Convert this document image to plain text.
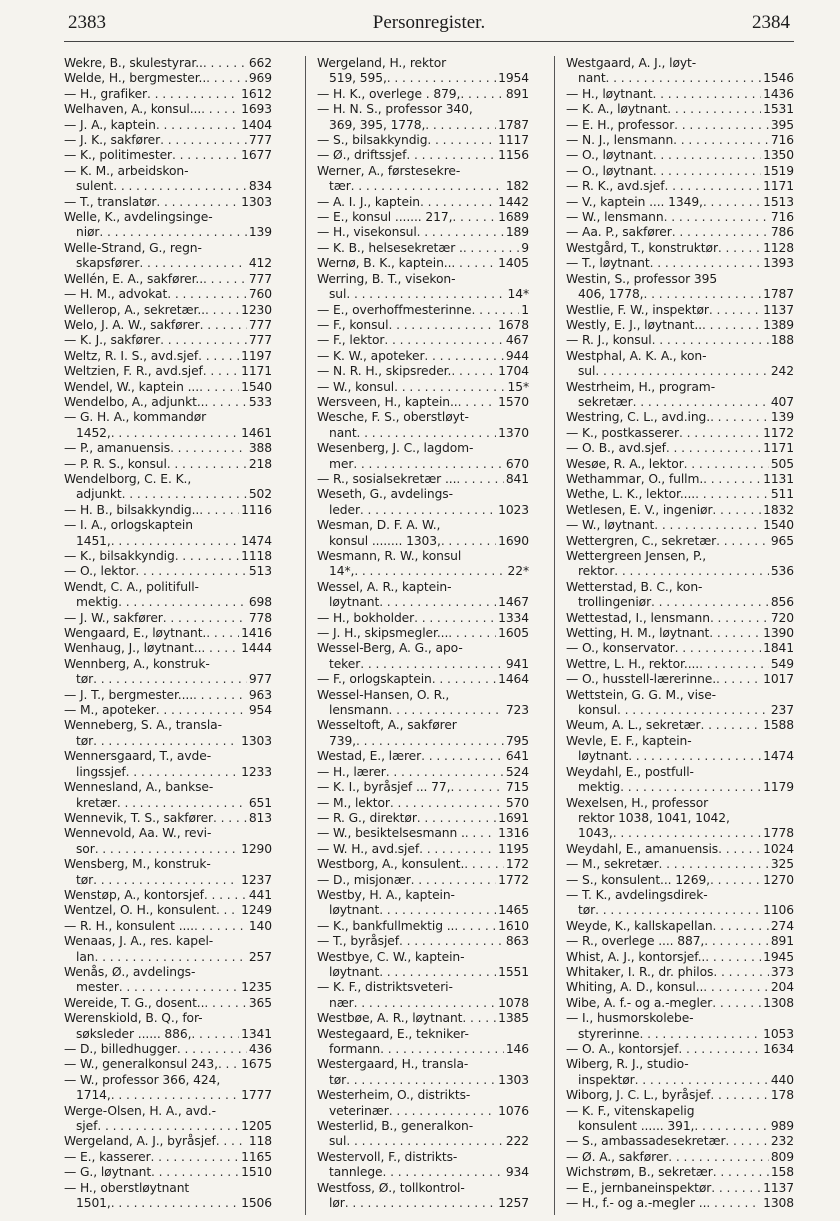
2383	Personregister.	2384
Wekre, B., skulestyrar.. . . .	662
Welde, H., bergmester.. . . .	969
— H., grafiker . . .	1612
Welhaven, A., konsul... . . .	1693
— J. A., kaptein . . .	1404
— J. K., sakfører . . .	777
— K., politimester . . .	1677
— K. M., arbeidskon-
sulent . . .	834
— T., translatør . . .	1303
Welle, K., avdelingsinge-
niør . . .	139
Welle-Strand, G., regn-
skapsfører . . .	412
Wellén, E. A., sakfører.. . . .	777
— H. M., advokat . . .	760
Wellerop, A., sekretær.. . . .	1230
Welo, J. A. W., sakfører . . .	777
— K. J., sakfører . . .	777
Weltz, R. I. S., avd.sjef . . .	1197
Weltzien, F. R., avd.sjef . . .	1171
Wendel, W., kaptein ... . . .	1540
Wendelbo, A., adjunkt.. . . .	533
— G. H. A., kommandør
1452, . . .	1461
— P., amanuensis . . .	388
— P. R. S., konsul . . .	218
Wendelborg, C. E. K.,
adjunkt . . .	502
— H. B., bilsakkyndig.. . . .	1116
— I. A., orlogskaptein
1451, . . .	1474
— K., bilsakkyndig . . .	1118
— O., lektor . . .	513
Wendt, C. A., politifull-
mektig . . .	698
— J. W., sakfører . . .	778
Wengaard, E., løytnant. . . .	1416
Wenhaug, J., løytnant.. . . .	1444
Wennberg, A., konstruk-
tør . . .	977
— J. T., bergmester.... . . .	963
— M., apoteker . . .	954
Wenneberg, S. A., transla-
tør . . .	1303
Wennersgaard, T., avde-
lingssjef . . .	1233
Wennesland, A., bankse-
kretær . . .	651
Wennevik, T. S., sakfører . . .	813
Wennevold, Aa. W., revi-
sor . . .	1290
Wensberg, M., konstruk-
tør . . .	1237
Wenstøp, A., kontorsjef . . .	441
Wentzel, O. H., konsulent . . . 1249
— R. H., konsulent .... . . .	140
Wenaas, J. A., res. kapel-
lan . . .	257
Wenås, Ø., avdelings-
mester . . .	1235
Wereide, T. G., dosent.. . . .	365
Werenskiold, B. Q., for-
søksleder ...... 886, . . .	1341
— D., billedhugger . . .	436
— W., generalkonsul 243, . . . 1675
— W., professor 366, 424,
1714, . . .	1777
Werge-Olsen, H. A., avd.-
sjef . . .	1205
Wergeland, A. J., byråsjef . . .	118
— E., kasserer . . .	1165
— G., løytnant . . .	1510
— H., oberstløytnant
1501, . . .	1506
Wergeland, H., rektor
519, 595, . . .	1954
— H. K., overlege . 879, . . .	891
— H. N. S., professor 340,
369, 395, 1778, . . .	1787
— S., bilsakkyndig . . .	1117
— Ø., driftssjef . . .	1156
Werner, A., førstesekre-
tær . . .	182
— A. I. J., kaptein . . .	1442
— E., konsul ....... 217, . . .	1689
— H., visekonsul . . .	189
— K. B., helsesekretær . . . .	9
Wernø, B. K., kaptein.. . . .	1405
Werring, B. T., visekon-
sul . . .	14*
— E., overhoffmesterinne . . .	1
— F., konsul . . .	1678
— F., lektor . . .	467
— K. W., apoteker . . .	944
— N. R. H., skipsreder. . . .	1704
— W., konsul . . .	15*
Wersveen, H., kaptein.. . . .	1570
Wesche, F. S., oberstløyt-
nant . . .	1370
Wesenberg, J. C., lagdom-
mer . . .	670
— R., sosialsekretær ... . . .	841
Weseth, G., avdelings-
leder . . .	1023
Wesman, D. F. A. W.,
konsul ........ 1303, . . .	1690
Wesmann, R. W., konsul
14*, . . .	22*
Wessel, A. R., kaptein-
løytnant . . .	1467
— H., bokholder . . .	1334
— J. H., skipsmegler... . . .	1605
Wessel-Berg, A. G., apo-
teker . . .	941
— F., orlogskaptein . . .	1464
Wessel-Hansen, O. R.,
lensmann . . .	723
Wesseltoft, A., sakfører
739, . . .	795
Westad, E., lærer . . .	641
— H., lærer . . .	524
— K. I., byråsjef ... 77, . . .	715
— M., lektor . . .	570
— R. G., direktør . . .	1691
— W., besiktelsesmann . . . .	1316
— W. H., avd.sjef . . .	1195
Westborg, A., konsulent. . . .	172
— D., misjonær . . .	1772
Westby, H. A., kaptein-
løytnant . . .	1465
— K., bankfullmektig .. . . .	1610
— T., byråsjef . . .	863
Westbye, C. W., kaptein-
løytnant . . .	1551
— K. F., distriktsveteri-
nær . . .	1078
Westbøe, A. R., løytnant . . .	1385
Westegaard, E., tekniker-
formann . . .	146
Westergaard, H., transla-
tør . . .	1303
Westerheim, O., distrikts-
veterinær . . .	1076
Westerlid, B., generalkon-
sul . . .	222
Westervoll, F., distrikts-
tannlege . . .	934
Westfoss, Ø., tollkontrol-
lør . . .	1257
Westgaard, A. J., løyt-
nant . . .	1546
— H., løytnant . . .	1436
— K. A., løytnant . . .	1531
— E. H., professor . . .	395
— N. J., lensmann . . .	716
— O., løytnant . . .	1350
— O., løytnant . . .	1519
— R. K., avd.sjef . . .	1171
— V., kaptein .... 1349, . . .	1513
— W., lensmann . . .	716
— Aa. P., sakfører . . .	786
Westgård, T., konstruktør . . .	1128
— T., løytnant . . .	1393
Westin, S., professor 395
406, 1778, . . .	1787
Westlie, F. W., inspektør . . .	1137
Westly, E. J., løytnant.. . . .	1389
— R. J., konsul . . .	188
Westphal, A. K. A., kon-
sul . . .	242
Westrheim, H., program-
sekretær . . .	407
Westring, C. L., avd.ing. . . .	139
— K., postkasserer . . .	1172
— O. B., avd.sjef . . .	1171
Wesøe, R. A., lektor . . .	505
Wethammar, O., fullm. . . .	1131
Wethe, L. K., lektor.... . . .	511
Wetlesen, E. V., ingeniør . . .	1832
— W., løytnant . . .	1540
Wettergren, C., sekretær . . .	965
Wettergreen Jensen, P.,
rektor . . .	536
Wetterstad, B. C., kon-
trollingeniør . . .	856
Wettestad, I., lensmann . . .	720
Wetting, H. M., løytnant . . .	1390
— O., konservator . . .	1841
Wettre, L. H., rektor.... . . .	549
— O., husstell-lærerinne. . . .	1017
Wettstein, G. G. M., vise-
konsul . . .	237
Weum, A. L., sekretær . . .	1588
Wevle, E. F., kaptein-
løytnant . . .	1474
Weydahl, E., postfull-
mektig . . .	1179
Wexelsen, H., professor
rektor 1038, 1041, 1042,
1043, . . .	1778
Weydahl, E., amanuensis . . .	1024
— M., sekretær . . .	325
— S., konsulent... 1269, . . .	1270
— T. K., avdelingsdirek-
tør . . .	1106
Weyde, K., kallskapellan . . .	274
— R., overlege .... 887, . . .	891
Whist, A. J., kontorsjef.. . . .	1945
Whitaker, I. R., dr. philos . . .	373
Whiting, A. D., konsul.. . . .	204
Wibe, A. f.- og a.-megler . . .	1308
— I., husmorskolebe-
styrerinne . . .	1053
— O. A., kontorsjef . . .	1634
Wiberg, R. J., studio-
inspektør . . .	440
Wiborg, J. C. L., byråsjef . . .	178
— K. F., vitenskapelig
konsulent ...... 391, . . .	989
— S., ambassadesekretær . . .	232
— Ø. A., sakfører . . .	809
Wichstrøm, B., sekretær . . .	158
— E., jernbaneinspektør . . .	1137
— H., f.- og a.-megler .. . . .	1308
